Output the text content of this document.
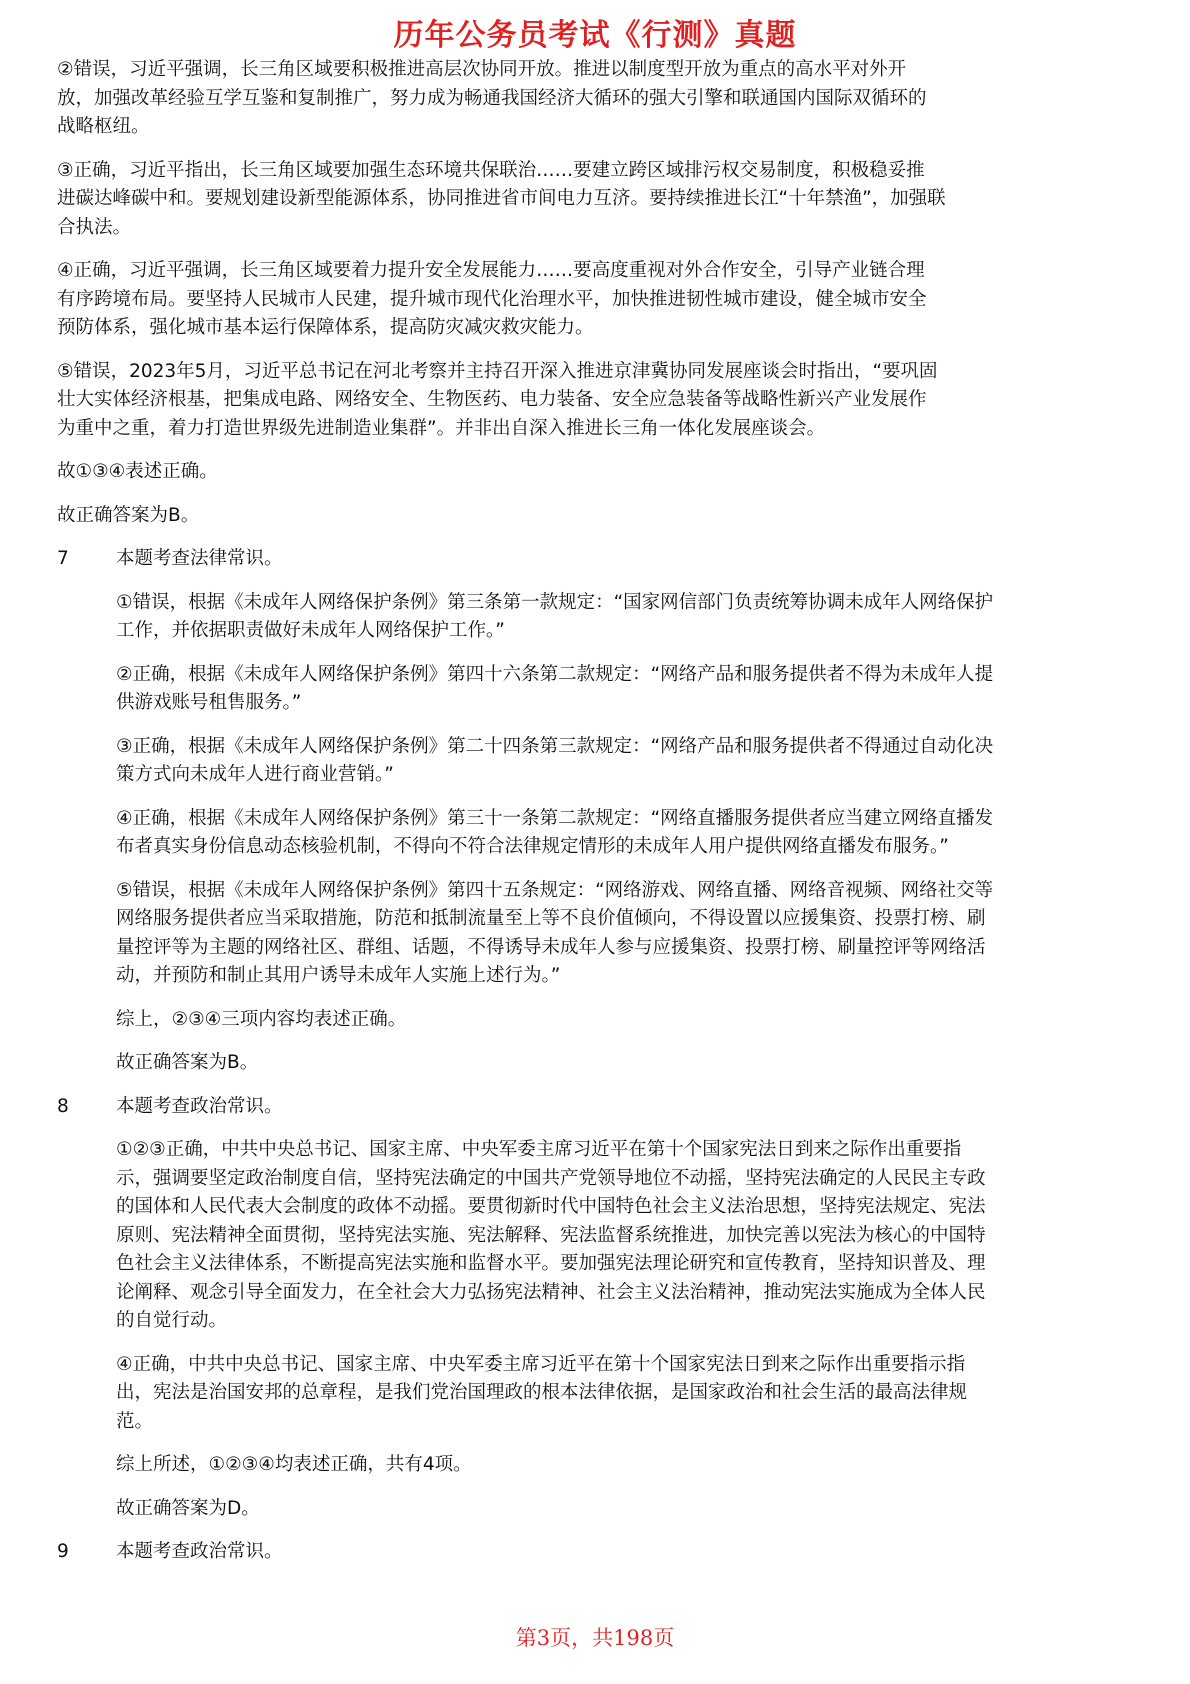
历年公务员考试《行测》真题

②错误，习近平强调，长三角区域要积极推进高层次协同开放。推进以制度型开放为重点的高水平对外开
放，加强改革经验互学互鉴和复制推广，努力成为畅通我国经济大循环的强大引擎和联通国内国际双循环的
战略枢纽。

③正确，习近平指出，长三角区域要加强生态环境共保联治……要建立跨区域排污权交易制度，积极稳妥推
进碳达峰碳中和。要规划建设新型能源体系，协同推进省市间电力互济。要持续推进长江“十年禁渔”，加强联
合执法。

④正确，习近平强调，长三角区域要着力提升安全发展能力……要高度重视对外合作安全，引导产业链合理
有序跨境布局。要坚持人民城市人民建，提升城市现代化治理水平，加快推进韧性城市建设，健全城市安全
预防体系，强化城市基本运行保障体系，提高防灾减灾救灾能力。

⑤错误，2023年5月，习近平总书记在河北考察并主持召开深入推进京津冀协同发展座谈会时指出，“要巩固
壮大实体经济根基，把集成电路、网络安全、生物医药、电力装备、安全应急装备等战略性新兴产业发展作
为重中之重，着力打造世界级先进制造业集群”。并非出自深入推进长三角一体化发展座谈会。

故①③④表述正确。

故正确答案为B。

7	本题考查法律常识。

①错误，根据《未成年人网络保护条例》第三条第一款规定：“国家网信部门负责统筹协调未成年人网络保护
工作，并依据职责做好未成年人网络保护工作。”

②正确，根据《未成年人网络保护条例》第四十六条第二款规定：“网络产品和服务提供者不得为未成年人提
供游戏账号租售服务。”

③正确，根据《未成年人网络保护条例》第二十四条第三款规定：“网络产品和服务提供者不得通过自动化决
策方式向未成年人进行商业营销。”

④正确，根据《未成年人网络保护条例》第三十一条第二款规定：“网络直播服务提供者应当建立网络直播发
布者真实身份信息动态核验机制，不得向不符合法律规定情形的未成年人用户提供网络直播发布服务。”

⑤错误，根据《未成年人网络保护条例》第四十五条规定：“网络游戏、网络直播、网络音视频、网络社交等
网络服务提供者应当采取措施，防范和抵制流量至上等不良价值倾向，不得设置以应援集资、投票打榜、刷
量控评等为主题的网络社区、群组、话题，不得诱导未成年人参与应援集资、投票打榜、刷量控评等网络活
动，并预防和制止其用户诱导未成年人实施上述行为。”

综上，②③④三项内容均表述正确。

故正确答案为B。

8	本题考查政治常识。

①②③正确，中共中央总书记、国家主席、中央军委主席习近平在第十个国家宪法日到来之际作出重要指
示，强调要坚定政治制度自信，坚持宪法确定的中国共产党领导地位不动摇，坚持宪法确定的人民民主专政
的国体和人民代表大会制度的政体不动摇。要贯彻新时代中国特色社会主义法治思想，坚持宪法规定、宪法
原则、宪法精神全面贯彻，坚持宪法实施、宪法解释、宪法监督系统推进，加快完善以宪法为核心的中国特
色社会主义法律体系，不断提高宪法实施和监督水平。要加强宪法理论研究和宣传教育，坚持知识普及、理
论阐释、观念引导全面发力，在全社会大力弘扬宪法精神、社会主义法治精神，推动宪法实施成为全体人民
的自觉行动。

④正确，中共中央总书记、国家主席、中央军委主席习近平在第十个国家宪法日到来之际作出重要指示指
出，宪法是治国安邦的总章程，是我们党治国理政的根本法律依据，是国家政治和社会生活的最高法律规
范。

综上所述，①②③④均表述正确，共有4项。

故正确答案为D。

9	本题考查政治常识。
第3页，共198页
